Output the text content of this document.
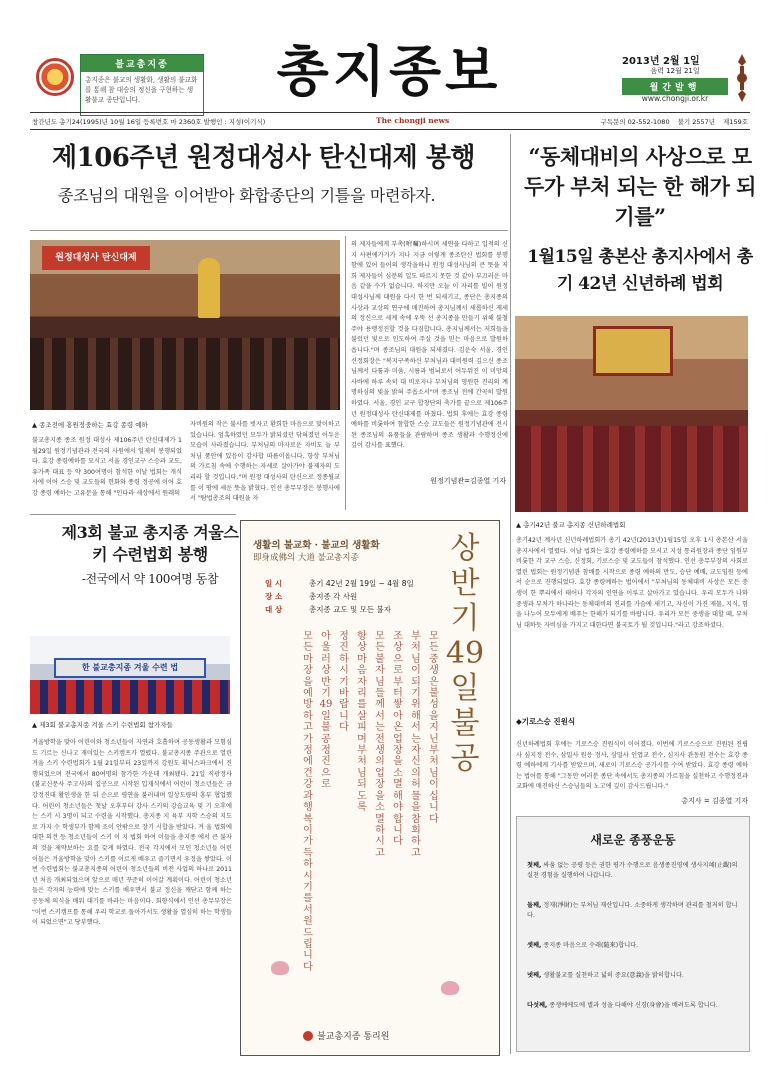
불교총지종
총지종은 불교의 생활화, 생활의 불교화를 통해 참 대승의 정신을 구현하는 생활불교 종단입니다.	총지종보	2013년 2월 1일
음력 12월 21일
월간발행
www.chongji.or.kr
창간년도 총기24(1995)년 10월 16일 등록번호 마 2360호 발행인 : 지성(이기식)	The chongji news	구독문의 02-552-1080 불기 2557년 제159호
제106주년 원정대성사 탄신대제 봉행
종조님의 대원을 이어받아 화합종단의 기틀을 마련하자.
“동체대비의 사상으로 모두가 부처 되는 한 해가 되기를”
1월15일 총본산 총지사에서 총기 42년 신년하례 법회
원정대성사 탄신대제
▲ 종조전에 홍원정중하는 효강 종령 예하
▲ 총기42년 불교 총지종 신년하례법회
불교총지종 종조 원정 대성사 제106주년 탄신대제가 1월29일 원정기념관과 전국의 사원에서 일제히 봉행되었다. 효강 종령예하를 모시고 서울 경인교구 스승과 교도, 유가족 대표 등 약 300여명이 참석한 이날 법회는 개식사에 이어 스승 및 교도들의 헌화와 종령 정공에 이어 효강 종령 예하는 고유문을 통해 "인다라 세상에서 원래의
자비원의 작은 불사를 벗자고 환희한 마음으로 맞이하고 있습니다. 엄혹하였던 모두가 밝되셨던 닦혀졌던 어두운 모습이 사라졌습니다. 부처님의 마자로운 자비도 늘 부처님 품안에 있음이 감사합 따름이옵니다. 항상 부처님의 가르침 속에 수행하는 자세로 살아가야 불제자의 도리라 할 것입니다."며 원정 대성사의 탄신으로 정종될교를 이 땅에 세운 뜻을 밝혔다. 인선 총무부장은 봉행사에서 "탐법총조의 대원을 자
의 제자들에게 부촉(咐囑)하시며 세연을 다하고 입적의 신지 사편에가기가 지나 지금 이렇게 종조탄신 법회를 봉행함에 있어 들어의 생각을하니 원정 대성사님의 큰 뜻을 저희 제자들이 심분의 일도 따르지 못한 것 같아 부끄러운 마음 같을 수가 없습니다. 하지만 오늘 이 자리를 빌어 원정 대성사님께 대원을 다시 한 번 되새기고, 종단은 총지종의 사상과 교상의 연구에 매진하여 총지님께서 새롭하신 제세의 정신으로 세계 속에 우뚝 선 총지종을 만들기 위해 불철주야 용맹정진할 것을 다짐합니다. 총지님께서는 저희들을 불렀던 빛으로 인도하여 주실 것을 믿는 마음으로 발원하옵니다."며 종조님의 대원을 되새겼다. 김운숙 서울, 경인 신정회장은 "복지구족하신 부처님과 대비원력 깊으신 종조님께서 다툼과 미움, 시름과 범뇌로서 어두워진 이 미망의 사바에 하루 속히 대 비로자나 부처님의 영원한 진리의 계명하심의 빛을 밝혀 주옵소서"며 종조님 전에 간곡히 발원하였다. 서울, 경인 교구 합창단의 축가를 끝으로 제106주년 원정대성사 탄신대제를 마쳤다. 법회 후에는 효강 종령예하를 비롯하여 참합한 스승 교도들은 원정기념관에 전시된 종조님의 유품들을 관람하며 종조 생활과 수행정신에 깊이 감사를 표했다.
원정기념관=김종열 기자
총기42년 계사년 신년하례법회가 총기 42년(2013년)1월15일 오후 1시 총본산 서울 총지사에서 열렸다. 이날 법회는 효강 종령예하를 모시고 지성 통리원장과 종단 임원부 비롯한 각 교구 스승, 신정회, 기로스승 및 교도들이 참석했다. 인선 총무부장의 사회로 열린 법회는 원정기념관 참배를 시작으로 종령 예하의 만도, 승단 예배, 교도임원 등에서 순으로 진행되었다. 효강 종령예하는 법어에서 "부처님의 동체대비 사상은 모든 중생이 한 뿌리에서 태어나 각자의 인연을 이루고 살아가고 있습니다. 우리 모두가 나와 중생과 부처가 하나라는 동체대비의 진리를 가슴에 새기고, 자신이 가진 재물, 지식, 힘을 나누어 모두에게 베푸는 한해가 되기를 바랍니다. 우리가 모든 중생을 대할 때, 부처님 대하듯 자비심을 가지고 대한다면 불국토가 될 것입니다."라고 강조하셨다.
◆기로스승 진원식
신년하례법회 후에는 기로스승 진원식이 이어졌다. 이번에 기로스승으로 진원된 진립사 심지정 전수, 삼밀사 원응 정사, 삼밀사 인엽교 전수, 심지사 관동원 전수는 효강 종령 예하에게 기사를 받았으며, 새로이 기로스승 공가시를 수여 받았다. 효강 종령 예하는 법어를 통해 "그동안 여러분 종단 속에서도 총지종의 가르침을 실천하고 수행정진과 교화에 매진하신 스승님들의 노고에 깊이 감사드립니다."
총지사 = 김종열 기자
제3회 불교 총지종 겨울스키 수련법회 봉행
-전국에서 약 100여명 동참
한 불교총지종 겨울 수련 법
▲ 제3회 불교총지종 겨울 스키 수련법회 참가자들
겨울방학을 맞아 어린이와 청소년들이 자연과 호흡하며 공동생활과 모험심도 기르는 신나고 재미있는 스키캠프가 열렸다. 불교총지종 주관으로 열린 겨울 스키 수련법회가 1월 21일부터 23일까지 강원도 휘닉스파크에서 진행되었으며 전국에서 80여명의 참가한 가운데 개최됐다. 21일 직광정사(불교신문사 주고사)의 집공으로 시작된 입재식에서 어린이 청소년들은 금강정진대 활인생을 한 뒤 순으로 평연을 불러내며 일상도량의 흥부 협업했다. 어린이 청소년들은 첫날 오후부터 강사 스키의 강습교육 및 기 오후에는 스키 시 3명이 되고 수련을 시작했다. 총지종 지 육부 지학 스승의 지도로 가지 수 학생부가 함께 조이 안팎으로 장기 시합을 받았다. 겨 울 법회에 대한 의견 등 청소년들이 스키 이 지 법회 하여 이들을 총지종 에서 큰 불자의 것을 제약보하는 요를 갖게 하였다. 전국 각지에서 모인 청소년들 어린이들은 겨울방학을 맞아 스키를 이르게 배우고 즐기면서 우정을 쌓았다. 이번 수련법회는 불교총지종의 어린이 청소년들의 비전 사업의 하나로 2011년 처음 개최되었으며 앞으로 매년 꾸준히 이어갈 계획이다. 어린이 청소년들은 각자의 능력에 맞는 스키를 배우면서 불교 정신을 깨닫고 함께 하는 공동체 의식을 배워 대기를 바라는 마음이다. 회향식에서 인선 총무부장은 "이번 스키캠프를 통해 우리 학교로 돌아가서도 생활을 열심히 하는 학생들이 되었으면"고 당부했다.
생활의 불교화 · 불교의 생활화
即身成佛의 大道 불교총지종
일 시	총기 42년 2월 19일 ~ 4월 8일
장 소	총지종 각 사원
대 상	총지종 교도 및 모든 불자
상반기 49일 불공
모든 중생은 불성을 지닌 부처님이십니다
부처님이 되기 위해서는 자신의 허물을 참회하고
조상으로부터 쌓아 온 업장을 소멸해야 합니다
모든 불자님들께서는 전생의 업장을 소멸하시고
항상 마음자리를 살피며 부처님 되도록
정진하시기 바랍니다
아울러 상반기 49일 불공정진으로
모든 마장을 예방하고 가정에 건강과 행복이 가득하시기를 서원드립니다
불교총지종 통리원
새로운 종풍운동
첫째, 싸움 없는 공평 등은 권한 평가 수행으로 음생종진영에 생사지혜(止觀)의 실천 경험을 실행하여 나갑니다.
둘째, 정재(淨財)는 부처님 재산입니다. 소중하게 생각하며 관리를 철저히 합니다.
셋째, 종지종 마음으로 수래(隨來)합니다.
넷째, 생활불교를 실천하고 넓히 중요(意義)을 밝히합니다.
다섯째, 종생에에도에 별과 성을 다해야 신경(身會)을 배려도록 합니다.
